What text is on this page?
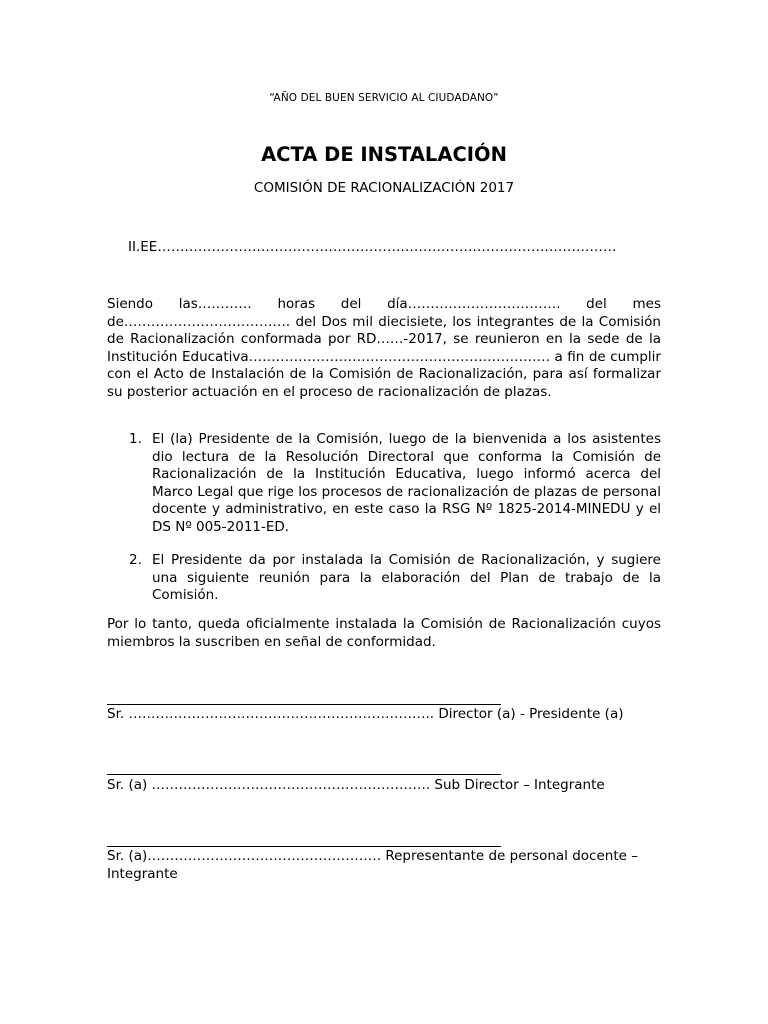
“AÑO DEL BUEN SERVICIO AL CIUDADANO”
ACTA DE INSTALACIÓN
COMISIÓN DE RACIONALIZACIÓN 2017
II.EE…………………………………………………………………………………………

Siendo las………… horas del día……………………………. del mes de………………………………. del Dos mil diecisiete, los integrantes de la Comisión de Racionalización conformada por RD……-2017, se reunieron en la sede de la Institución Educativa…………………………………………………………. a fin de cumplir con el Acto de Instalación de la Comisión de Racionalización, para así formalizar su posterior actuación en el proceso de racionalización de plazas.

1. El (la) Presidente de la Comisión, luego de la bienvenida a los asistentes dio lectura de la Resolución Directoral que conforma la Comisión de Racionalización de la Institución Educativa, luego informó acerca del Marco Legal que rige los procesos de racionalización de plazas de personal docente y administrativo, en este caso la RSG Nº 1825-2014-MINEDU y el DS Nº 005-2011-ED.
2. El Presidente da por instalada la Comisión de Racionalización, y sugiere una siguiente reunión para la elaboración del Plan de trabajo de la Comisión.

Por lo tanto, queda oficialmente instalada la Comisión de Racionalización cuyos miembros la suscriben en señal de conformidad.

Sr. ………………………………………………………….. Director (a) - Presidente (a)
Sr. (a) ………………………………………………….…. Sub Director – Integrante
Sr. (a)……………………………………………. Representante de personal docente – Integrante
